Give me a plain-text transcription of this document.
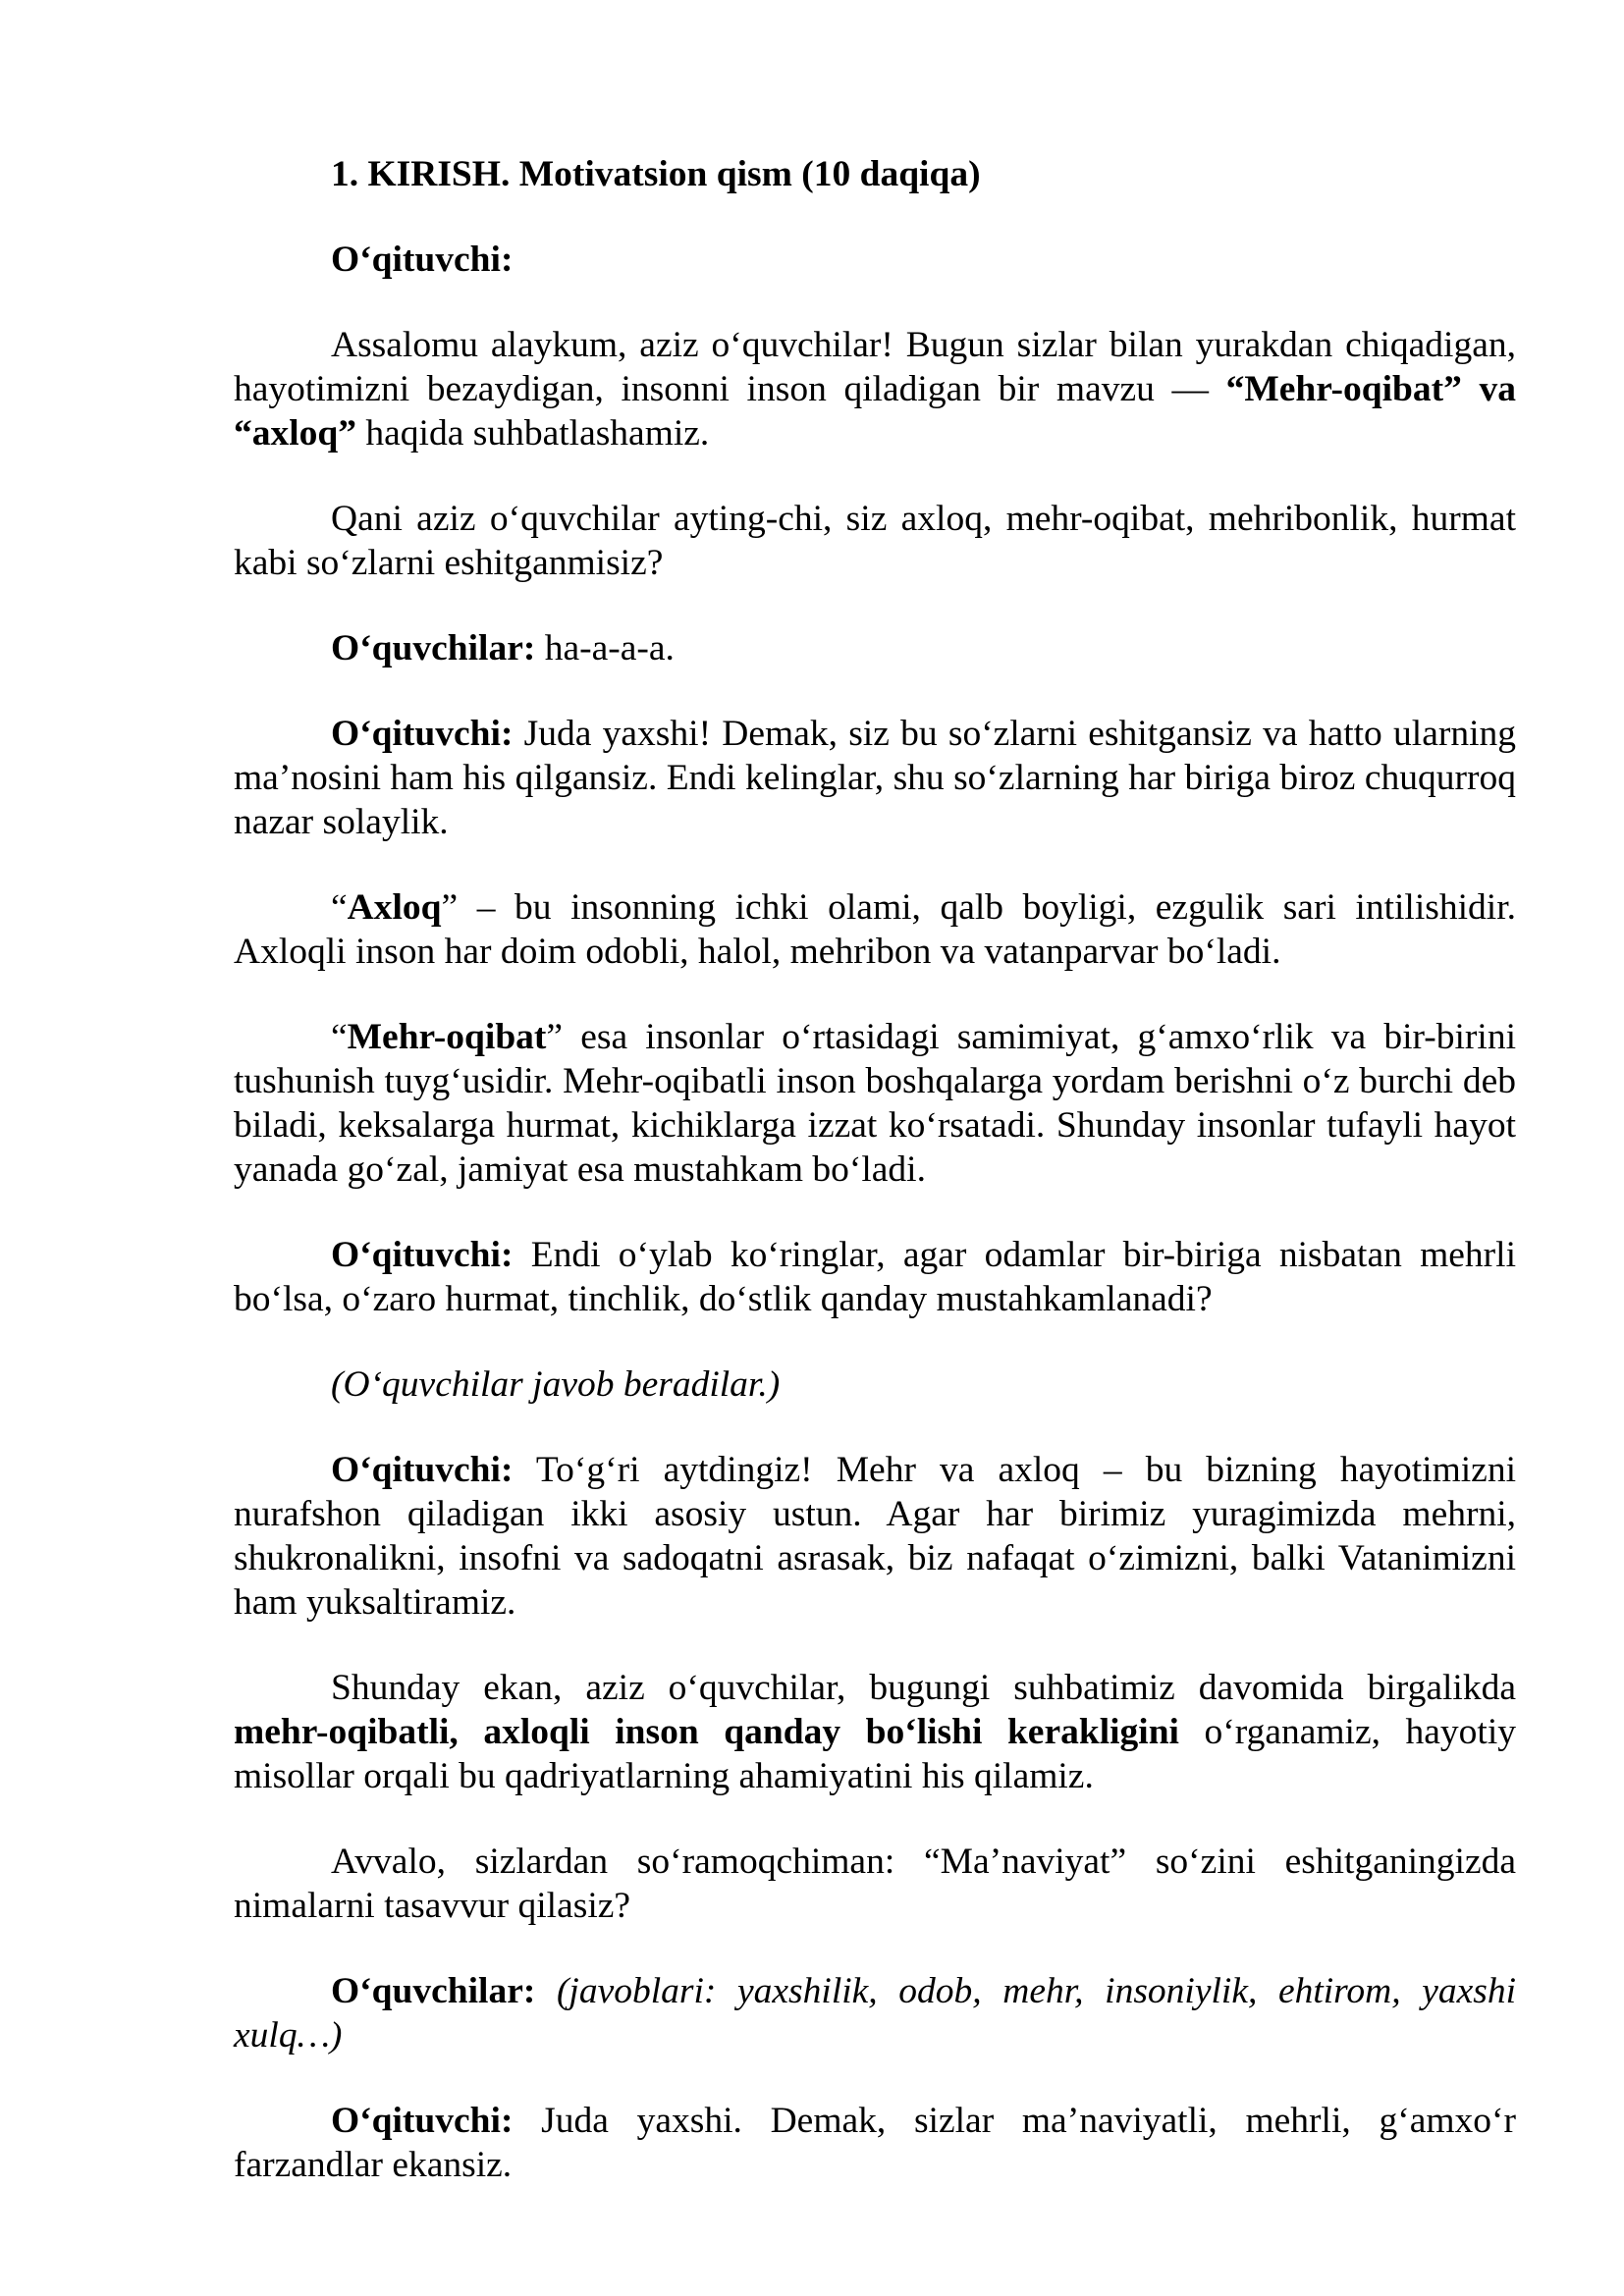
1. KIRISH. Motivatsion qism (10 daqiqa)

O‘qituvchi:

Assalomu alaykum, aziz o‘quvchilar! Bugun sizlar bilan yurakdan chiqadigan, hayotimizni bezaydigan, insonni inson qiladigan bir mavzu — “Mehr-oqibat” va “axloq” haqida suhbatlashamiz.

Qani aziz o‘quvchilar ayting-chi, siz axloq, mehr-oqibat, mehribonlik, hurmat kabi so‘zlarni eshitganmisiz?

O‘quvchilar: ha-a-a-a.

O‘qituvchi: Juda yaxshi! Demak, siz bu so‘zlarni eshitgansiz va hatto ularning ma’nosini ham his qilgansiz. Endi kelinglar, shu so‘zlarning har biriga biroz chuqurroq nazar solaylik.

“Axloq” – bu insonning ichki olami, qalb boyligi, ezgulik sari intilishidir. Axloqli inson har doim odobli, halol, mehribon va vatanparvar bo‘ladi.

“Mehr-oqibat” esa insonlar o‘rtasidagi samimiyat, g‘amxo‘rlik va bir-birini tushunish tuyg‘usidir. Mehr-oqibatli inson boshqalarga yordam berishni o‘z burchi deb biladi, keksalarga hurmat, kichiklarga izzat ko‘rsatadi. Shunday insonlar tufayli hayot yanada go‘zal, jamiyat esa mustahkam bo‘ladi.

O‘qituvchi: Endi o‘ylab ko‘ringlar, agar odamlar bir-biriga nisbatan mehrli bo‘lsa, o‘zaro hurmat, tinchlik, do‘stlik qanday mustahkamlanadi?

(O‘quvchilar javob beradilar.)

O‘qituvchi: To‘g‘ri aytdingiz! Mehr va axloq – bu bizning hayotimizni nurafshon qiladigan ikki asosiy ustun. Agar har birimiz yuragimizda mehrni, shukronalikni, insofni va sadoqatni asrasak, biz nafaqat o‘zimizni, balki Vatanimizni ham yuksaltiramiz.

Shunday ekan, aziz o‘quvchilar, bugungi suhbatimiz davomida birgalikda mehr-oqibatli, axloqli inson qanday bo‘lishi kerakligini o‘rganamiz, hayotiy misollar orqali bu qadriyatlarning ahamiyatini his qilamiz.

Avvalo, sizlardan so‘ramoqchiman: “Ma’naviyat” so‘zini eshitganingizda nimalarni tasavvur qilasiz?

O‘quvchilar: (javoblari: yaxshilik, odob, mehr, insoniylik, ehtirom, yaxshi xulq…)

O‘qituvchi: Juda yaxshi. Demak, sizlar ma’naviyatli, mehrli, g‘amxo‘r farzandlar ekansiz.
